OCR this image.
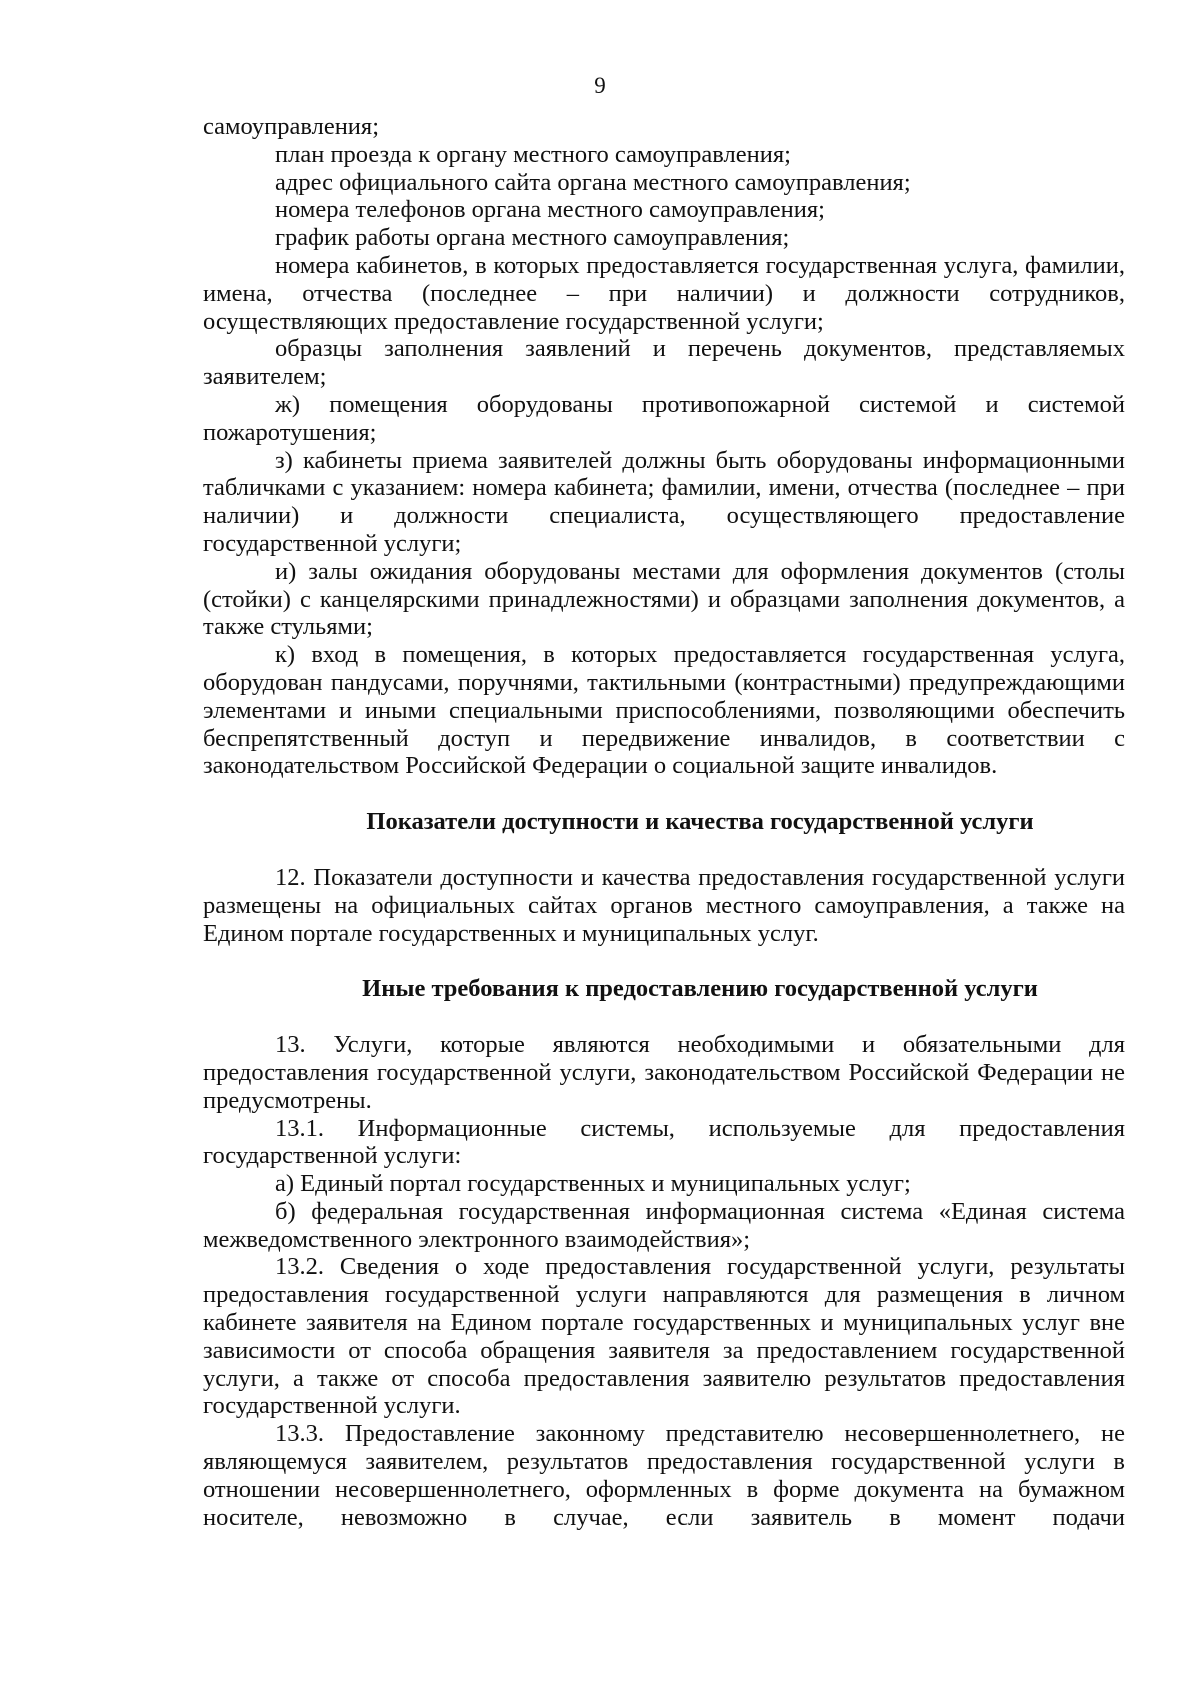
9

самоуправления;

план проезда к органу местного самоуправления;

адрес официального сайта органа местного самоуправления;

номера телефонов органа местного самоуправления;

график работы органа местного самоуправления;

номера кабинетов, в которых предоставляется государственная услуга, фамилии, имена, отчества (последнее – при наличии) и должности сотрудников, осуществляющих предоставление государственной услуги;

образцы заполнения заявлений и перечень документов, представляемых заявителем;

ж) помещения оборудованы противопожарной системой и системой пожаротушения;

з) кабинеты приема заявителей должны быть оборудованы информационными табличками с указанием: номера кабинета; фамилии, имени, отчества (последнее – при наличии) и должности специалиста, осуществляющего предоставление государственной услуги;

и) залы ожидания оборудованы местами для оформления документов (столы (стойки) с канцелярскими принадлежностями) и образцами заполнения документов, а также стульями;

к) вход в помещения, в которых предоставляется государственная услуга, оборудован пандусами, поручнями, тактильными (контрастными) предупреждающими элементами и иными специальными приспособлениями, позволяющими обеспечить беспрепятственный доступ и передвижение инвалидов, в соответствии с законодательством Российской Федерации о социальной защите инвалидов.

Показатели доступности и качества государственной услуги

12. Показатели доступности и качества предоставления государственной услуги размещены на официальных сайтах органов местного самоуправления, а также на Едином портале государственных и муниципальных услуг.

Иные требования к предоставлению государственной услуги

13. Услуги, которые являются необходимыми и обязательными для предоставления государственной услуги, законодательством Российской Федерации не предусмотрены.

13.1. Информационные системы, используемые для предоставления государственной услуги:

а) Единый портал государственных и муниципальных услуг;

б) федеральная государственная информационная система «Единая система межведомственного электронного взаимодействия»;

13.2. Сведения о ходе предоставления государственной услуги, результаты предоставления государственной услуги направляются для размещения в личном кабинете заявителя на Едином портале государственных и муниципальных услуг вне зависимости от способа обращения заявителя за предоставлением государственной услуги, а также от способа предоставления заявителю результатов предоставления государственной услуги.

13.3. Предоставление законному представителю несовершеннолетнего, не являющемуся заявителем, результатов предоставления государственной услуги в отношении несовершеннолетнего, оформленных в форме документа на бумажном носителе, невозможно в случае, если заявитель в момент подачи
